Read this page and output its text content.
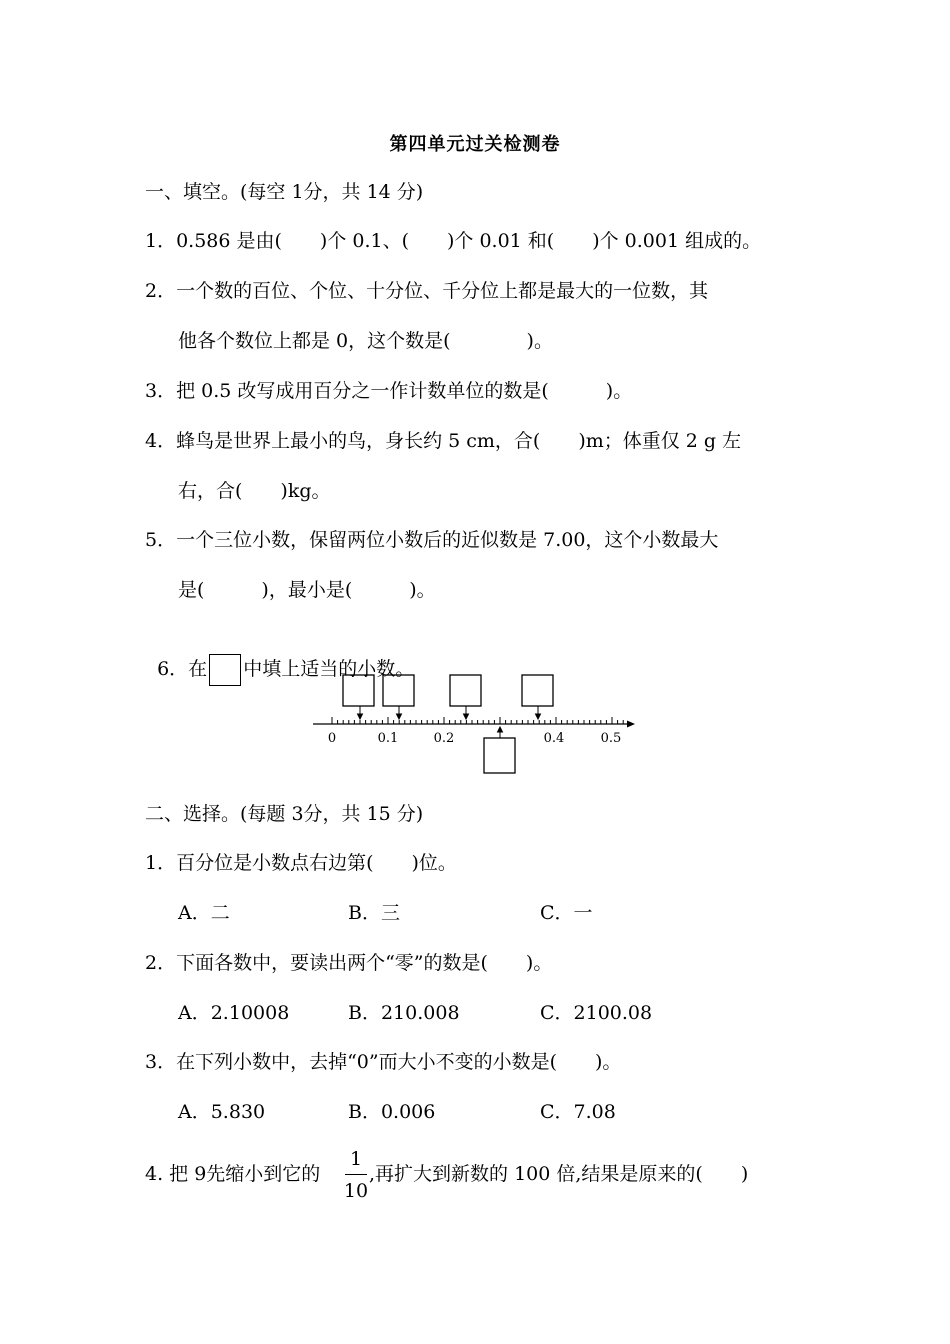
第四单元过关检测卷
一、填空。(每空 1分，共 14 分)
1．0.586 是由(　　)个 0.1、(　　)个 0.01 和(　　)个 0.001 组成的。
2．一个数的百位、个位、十分位、千分位上都是最大的一位数，其
他各个数位上都是 0，这个数是(　　　　)。
3．把 0.5 改写成用百分之一作计数单位的数是(　　　)。
4．蜂鸟是世界上最小的鸟，身长约 5 cm，合(　　)m；体重仅 2 g 左
右，合(　　)kg。
5．一个三位小数，保留两位小数后的近似数是 7.00，这个小数最大
是(　　　)，最小是(　　　)。

6．在 中填上适当的小数。

0	0.1	0.2	0.4	0.5
二、选择。(每题 3分，共 15 分)
1．百分位是小数点右边第(　　)位。
A．二	B．三	C．一
2．下面各数中，要读出两个“零”的数是(　　)。
A．2.10008	B．210.008	C．2100.08
3．在下列小数中，去掉“0”而大小不变的小数是(　　)。
A．5.830	B．0.006	C．7.08
4. 把 9先缩小到它的
1
10
,再扩大到新数的 100 倍,结果是原来的(　　)
